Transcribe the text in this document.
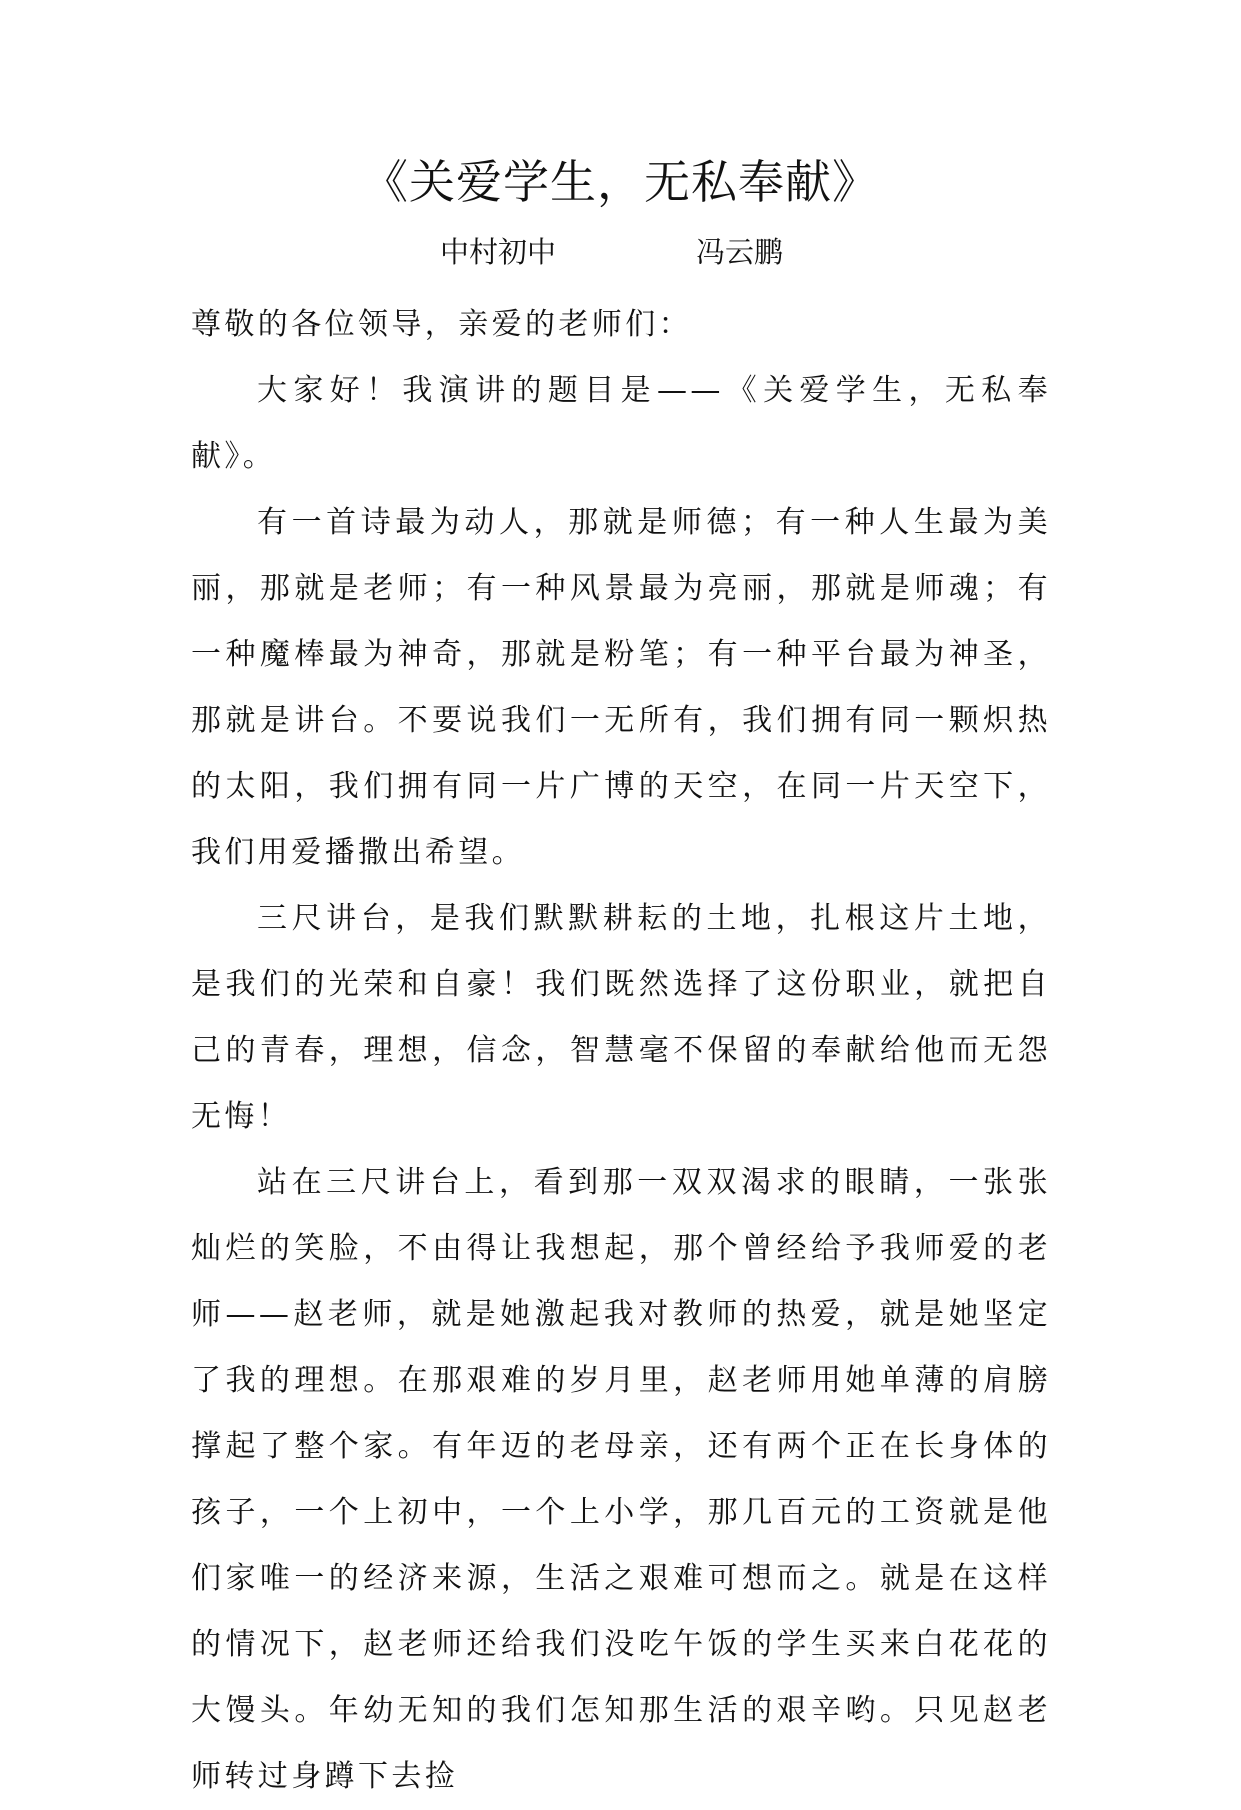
《关爱学生，无私奉献》
中村初中	冯云鹏

尊敬的各位领导，亲爱的老师们：

大家好！我演讲的题目是——《关爱学生，无私奉献》。

有一首诗最为动人，那就是师德；有一种人生最为美丽，那就是老师；有一种风景最为亮丽，那就是师魂；有一种魔棒最为神奇，那就是粉笔；有一种平台最为神圣，那就是讲台。不要说我们一无所有，我们拥有同一颗炽热的太阳，我们拥有同一片广博的天空，在同一片天空下，我们用爱播撒出希望。

三尺讲台，是我们默默耕耘的土地，扎根这片土地，是我们的光荣和自豪！我们既然选择了这份职业，就把自己的青春，理想，信念，智慧毫不保留的奉献给他而无怨无悔！

站在三尺讲台上，看到那一双双渴求的眼睛，一张张灿烂的笑脸，不由得让我想起，那个曾经给予我师爱的老师——赵老师，就是她激起我对教师的热爱，就是她坚定了我的理想。在那艰难的岁月里，赵老师用她单薄的肩膀撑起了整个家。有年迈的老母亲，还有两个正在长身体的孩子，一个上初中，一个上小学，那几百元的工资就是他们家唯一的经济来源，生活之艰难可想而之。就是在这样的情况下，赵老师还给我们没吃午饭的学生买来白花花的大馒头。年幼无知的我们怎知那生活的艰辛哟。只见赵老师转过身蹲下去捡
